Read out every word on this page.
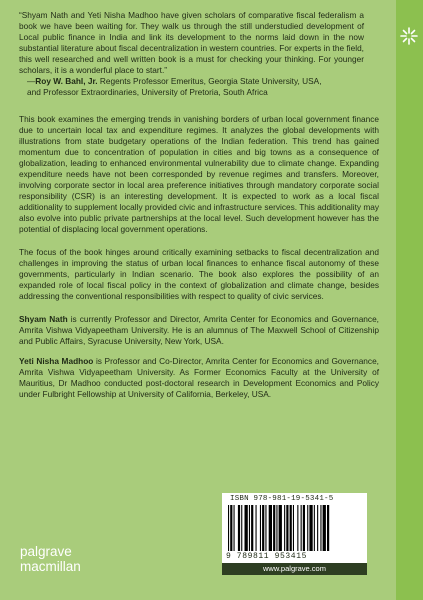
“Shyam Nath and Yeti Nisha Madhoo have given scholars of comparative fiscal federalism a book we have been waiting for. They walk us through the still understudied development of Local public finance in India and link its development to the norms laid down in the now substantial literature about fiscal decentralization in western countries. For experts in the field, this well researched and well written book is a must for checking your thinking. For younger scholars, it is a wonderful place to start.”

—Roy W. Bahl, Jr. Regents Professor Emeritus, Georgia State University, USA,

and Professor Extraordinaries, University of Pretoria, South Africa

This book examines the emerging trends in vanishing borders of urban local government finance due to uncertain local tax and expenditure regimes. It analyzes the global developments with illustrations from state budgetary operations of the Indian federation. This trend has gained momentum due to concentration of population in cities and big towns as a consequence of globalization, leading to enhanced environmental vulnerability due to climate change. Expanding expenditure needs have not been corresponded by revenue regimes and transfers. Moreover, involving corporate sector in local area preference initiatives through mandatory corporate social responsibility (CSR) is an interesting development. It is expected to work as a local fiscal additionality to supplement locally provided civic and infrastructure services. This additionality may also evolve into public private partnerships at the local level. Such development however has the potential of displacing local government operations.

The focus of the book hinges around critically examining setbacks to fiscal decentralization and challenges in improving the status of urban local finances to enhance fiscal autonomy of these governments, particularly in Indian scenario. The book also explores the possibility of an expanded role of local fiscal policy in the context of globalization and climate change, besides addressing the conventional responsibilities with respect to quality of civic services.

Shyam Nath is currently Professor and Director, Amrita Center for Economics and Governance, Amrita Vishwa Vidyapeetham University. He is an alumnus of The Maxwell School of Citizenship and Public Affairs, Syracuse University, New York, USA.

Yeti Nisha Madhoo is Professor and Co-Director, Amrita Center for Economics and Governance, Amrita Vishwa Vidyapeetham University. As Former Economics Faculty at the University of Mauritius, Dr Madhoo conducted post-doctoral research in Development Economics and Policy under Fulbright Fellowship at University of California, Berkeley, USA.

ISBN 978-981-19-5341-5
9 789811 953415
www.palgrave.com
palgrave
macmillan
